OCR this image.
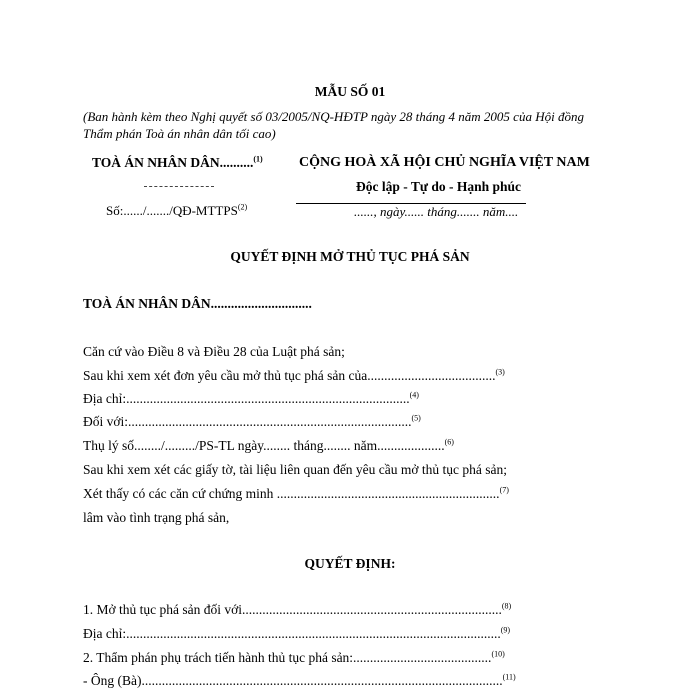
MẪU SỐ 01
(Ban hành kèm theo Nghị quyết số 03/2005/NQ-HĐTP ngày 28 tháng 4 năm 2005 của Hội đồng
Thẩm phán Toà án nhân dân tối cao)
TOÀ ÁN NHÂN DÂN..........$^{(1)}$
Số:....../......./QĐ-MTTPS$^{(2)}$
CỘNG HOÀ XÃ HỘI CHỦ NGHĨA VIỆT NAM
Độc lập - Tự do - Hạnh phúc
......, ngày...... tháng....... năm....
QUYẾT ĐỊNH MỞ THỦ TỤC PHÁ SẢN
TOÀ ÁN NHÂN DÂN..............................
Căn cứ vào Điều 8 và Điều 28 của Luật phá sản;
Sau khi xem xét đơn yêu cầu mở thủ tục phá sản của......................................$^{(3)}$
Địa chỉ:....................................................................................$^{(4)}$
Đối với:....................................................................................$^{(5)}$
Thụ lý số......../........./PS-TL ngày........ tháng........ năm....................$^{(6)}$
Sau khi xem xét các giấy tờ, tài liệu liên quan đến yêu cầu mở thủ tục phá sản;
Xét thấy có các căn cứ chứng minh ..................................................................$^{(7)}$
lâm vào tình trạng phá sản,
QUYẾT ĐỊNH:
1. Mở thủ tục phá sản đối với.............................................................................$^{(8)}$
Địa chỉ:...............................................................................................................$^{(9)}$
2. Thẩm phán phụ trách tiến hành thủ tục phá sản:.........................................$^{(10)}$
- Ông (Bà)...........................................................................................................$^{(11)}$
